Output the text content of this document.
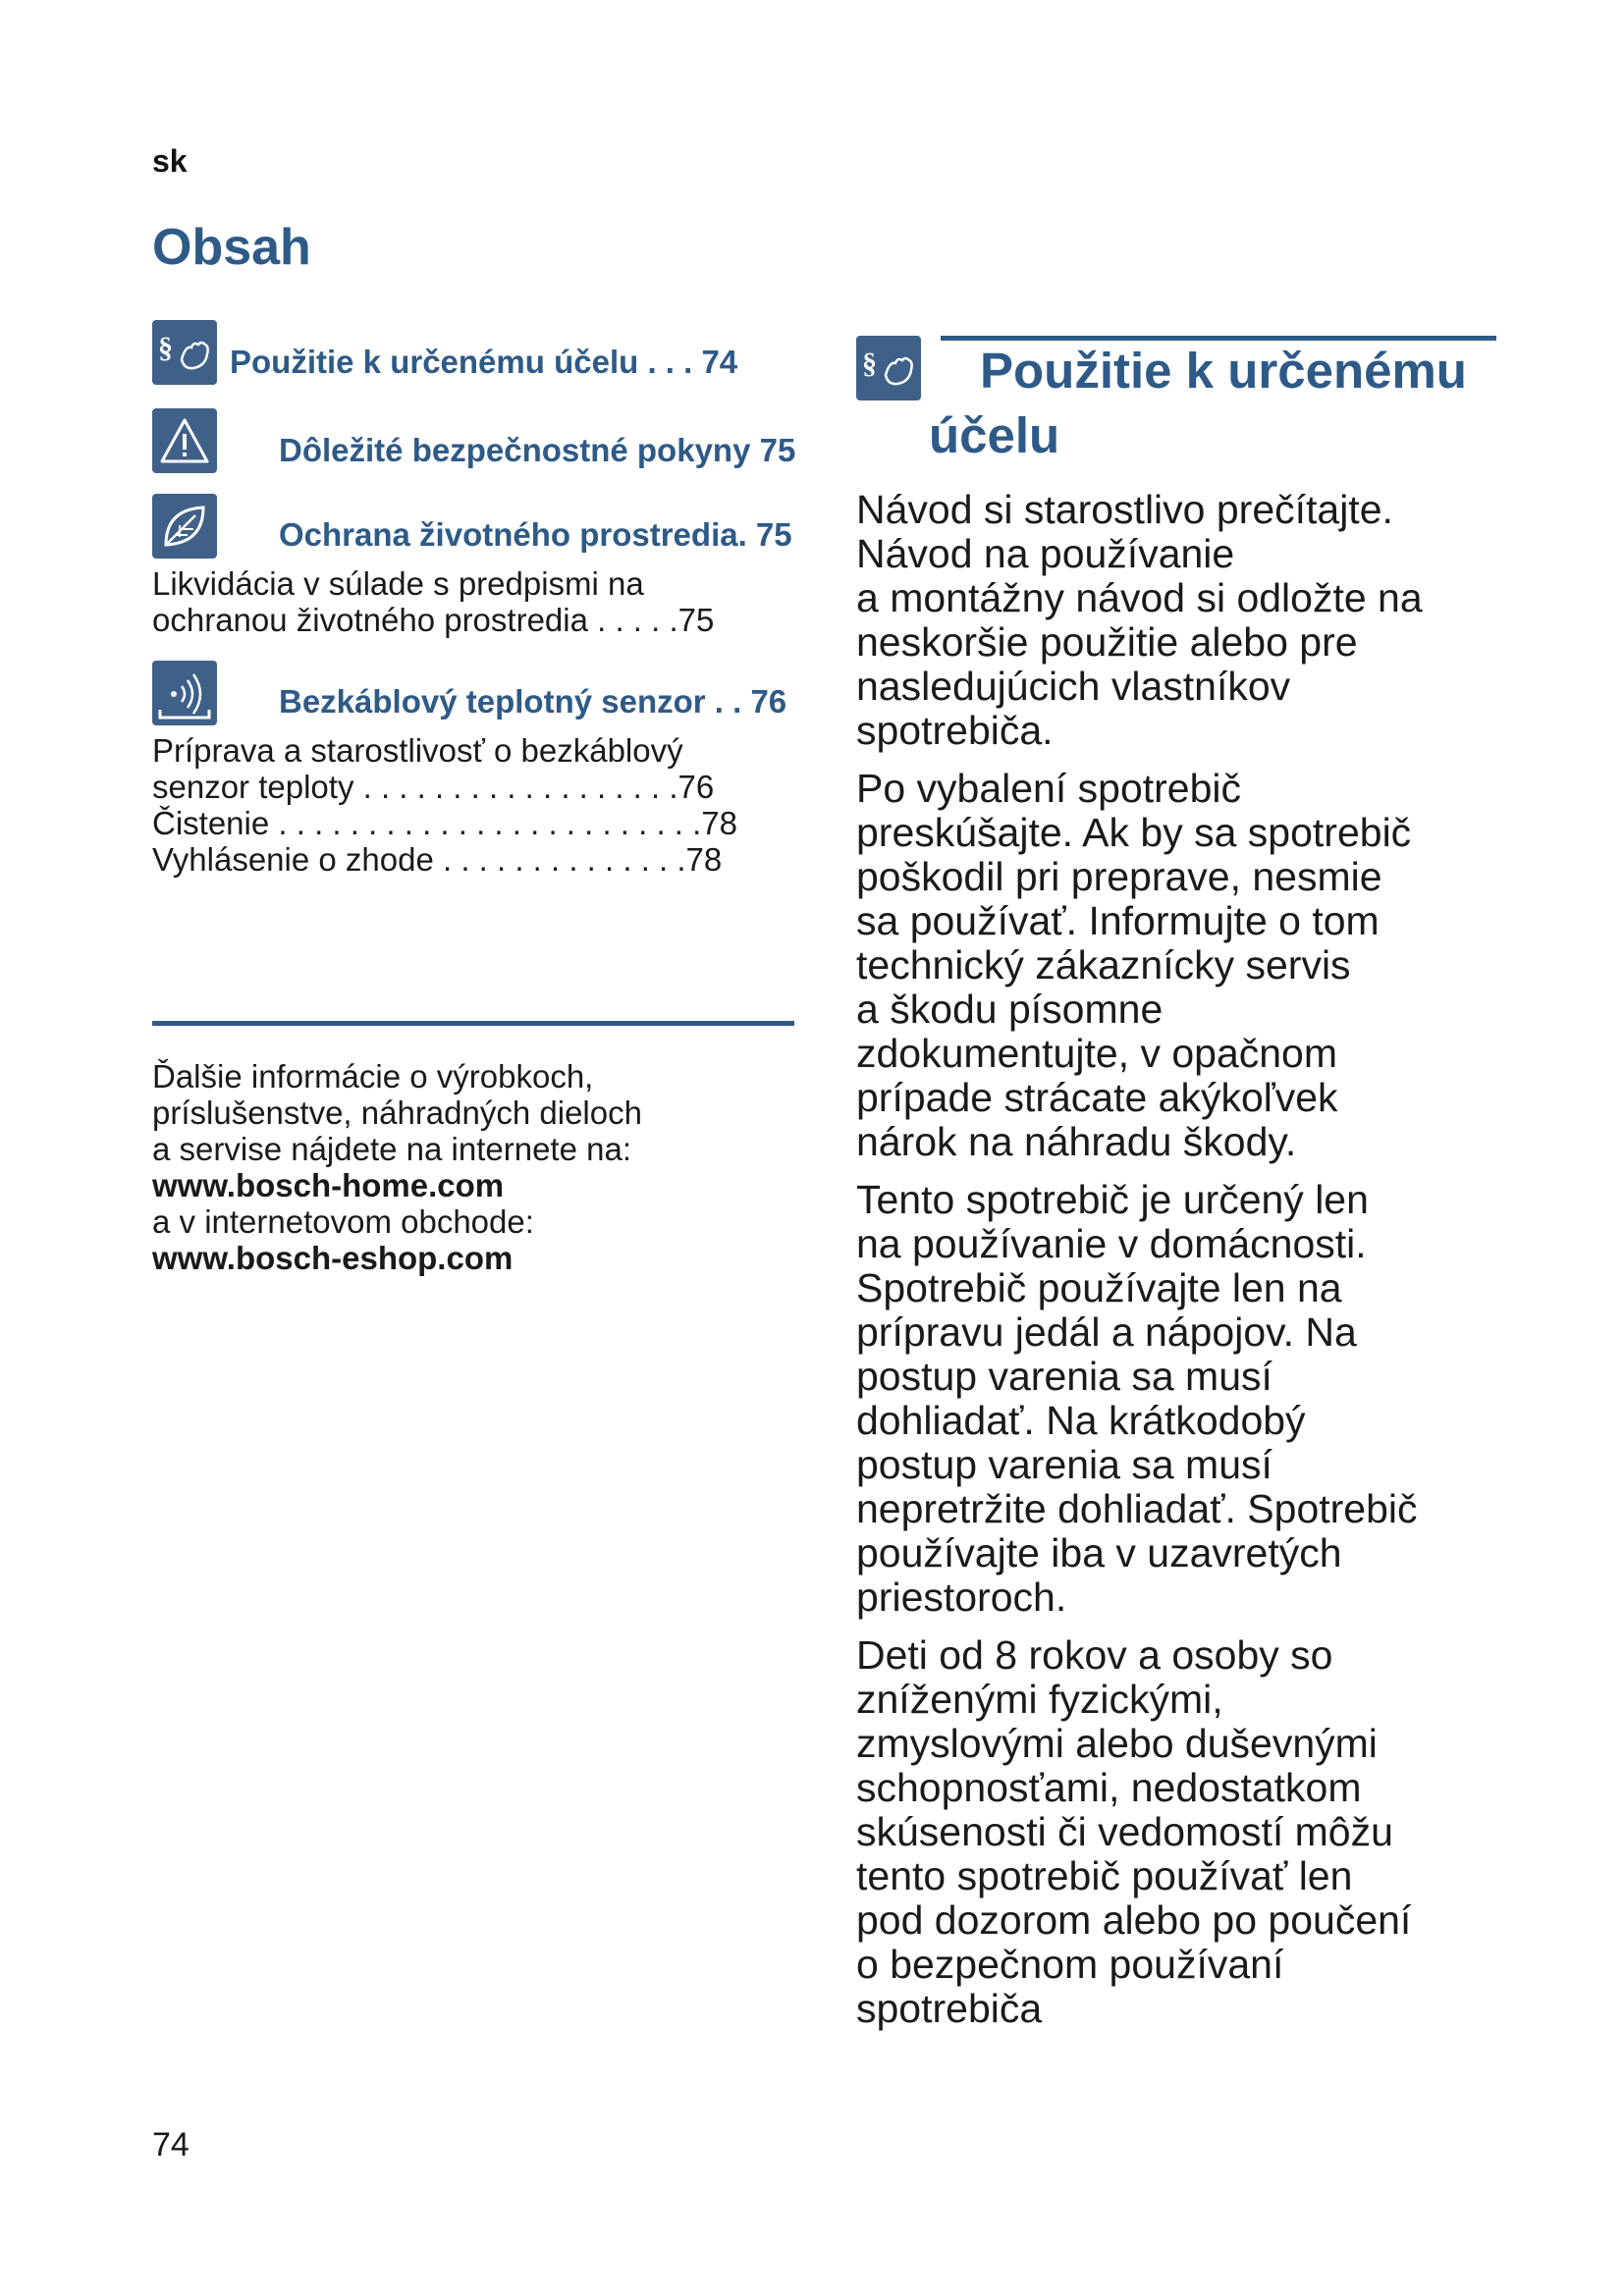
sk
Obsah
§ Použitie k určenému účelu . . . 74
Dôležité bezpečnostné pokyny 75
Ochrana životného prostredia. 75
Likvidácia v súlade s predpismi na
ochranou životného prostredia . . . . .75
Bezkáblový teplotný senzor . . 76
Príprava a starostlivosť o bezkáblový
senzor teploty . . . . . . . . . . . . . . . . . .76
Čistenie . . . . . . . . . . . . . . . . . . . . . . . .78
Vyhlásenie o zhode . . . . . . . . . . . . . .78
Ďalšie informácie o výrobkoch,
príslušenstve, náhradných dieloch
a servise nájdete na internete na:
www.bosch-home.com
a v internetovom obchode:
www.bosch-eshop.com
§ Použitie k určenému
účelu

Návod si starostlivo prečítajte.
Návod na používanie
a montážny návod si odložte na
neskoršie použitie alebo pre
nasledujúcich vlastníkov
spotrebiča.

Po vybalení spotrebič
preskúšajte. Ak by sa spotrebič
poškodil pri preprave, nesmie
sa používať. Informujte o tom
technický zákaznícky servis
a škodu písomne
zdokumentujte, v opačnom
prípade strácate akýkoľvek
nárok na náhradu škody.

Tento spotrebič je určený len
na používanie v domácnosti.
Spotrebič používajte len na
prípravu jedál a nápojov. Na
postup varenia sa musí
dohliadať. Na krátkodobý
postup varenia sa musí
nepretržite dohliadať. Spotrebič
používajte iba v uzavretých
priestoroch.

Deti od 8 rokov a osoby so
zníženými fyzickými,
zmyslovými alebo duševnými
schopnosťami, nedostatkom
skúsenosti či vedomostí môžu
tento spotrebič používať len
pod dozorom alebo po poučení
o bezpečnom používaní
spotrebiča

74
